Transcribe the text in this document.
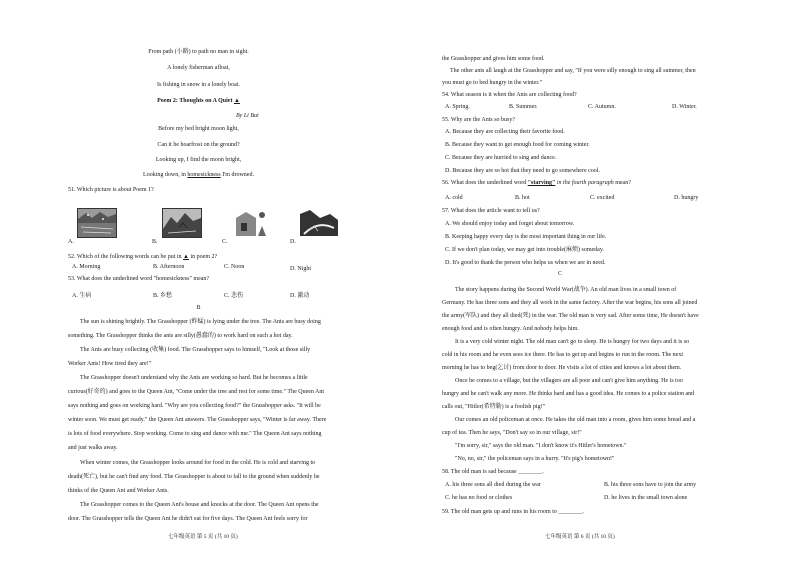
From path (小路) to path no man in sight.
A lonely fisherman afloat,
Is fishing in snow in a lonely boat.
Poem 2: Thoughts on A Quiet ▲
By Li Bai
Before my bed bright moon light,
Can it be hoarfrost on the ground?
Looking up, I find the moon bright,
Looking down, in homesickness I'm drowned.
51. Which picture is about Poem 1?
A.	B.	C.	D.
52. Which of the following words can be put in ▲ in poem 2?
A. Morning	B. Afternoon	C. Noon	D. Night
53. What does the underlined word "homesickness" mean?
A. 生病	B. 乡愁	C. 悲伤	D. 激动
B
The sun is shining brightly. The Grasshopper (蚱蜢) is lying under the tree. The Ants are busy doing
something. The Grasshopper thinks the ants are silly(愚蠢的) to work hard on such a hot day.
The Ants are busy collecting (收集) food. The Grasshopper says to himself, "Look at those silly
Worker Ants! How tired they are!"
The Grasshopper doesn't understand why the Ants are working so hard. But he becomes a little
curious(好奇的) and goes to the Queen Ant, "Come under the tree and rest for some time." The Queen Ant
says nothing and goes on working hard. "Why are you collecting food?" the Grasshopper asks. "It will be
winter soon. We must get ready." the Queen Ant answers. The Grasshopper says, "Winter is far away. There
is lots of food everywhere. Stop working. Come to sing and dance with me." The Queen Ant says nothing
and just walks away.
When winter comes, the Grasshopper looks around for food in the cold. He is cold and starving to
death(死亡), but he can't find any food. The Grasshopper is about to fall to the ground when suddenly he
thinks of the Queen Ant and Worker Ants.
The Grasshopper comes to the Queen Ant's house and knocks at the door. The Queen Ant opens the
door. The Grasshopper tells the Queen Ant he didn't eat for five days. The Queen Ant feels sorry for
七年级英语 第 5 页 (共 10 页)
the Grasshopper and gives him some food.
The other ants all laugh at the Grasshopper and say, "If you were silly enough to sing all summer, then
you must go to bed hungry in the winter."
54. What season is it when the Ants are collecting food?
A. Spring.	B. Summer.	C. Autumn.	D. Winter.
55. Why are the Ants so busy?
A. Because they are collecting their favorite food.
B. Because they want to get enough food for coming winter.
C. Because they are hurried to sing and dance.
D. Because they are so hot that they need to go somewhere cool.
56. What does the underlined word "starving" in the fourth paragraph mean?
A. cold	B. hot	C. excited	D. hungry
57. What does the article want to tell us?
A. We should enjoy today and forget about tomorrow.
B. Keeping happy every day is the most important thing in our life.
C. If we don't plan today, we may get into trouble(麻烦) someday.
D. It's good to thank the person who helps us when we are in need.
C
The story happens during the Second World War(战争). An old man lives in a small town of
Germany. He has three sons and they all work in the same factory. After the war begins, his sons all joined
the army(军队) and they all died(死) in the war. The old man is very sad. After some time, He doesn't have
enough food and is often hungry. And nobody helps him.
It is a very cold winter night. The old man can't go to sleep. He is hungry for two days and it is so
cold in his room and he even sees ice there. He has to get up and begins to run in the room. The next
morning he has to beg(乞讨) from door to door. He visits a lot of cities and knows a lot about them.
Once he comes to a village, but the villagers are all poor and can't give him anything. He is too
hungry and he can't walk any more. He thinks hard and has a good idea. He comes to a police station and
calls out, "Hitler(希特勒) is a foolish pig!"
Our comes an old policeman at once. He takes the old man into a room, gives him some bread and a
cup of tea. Then he says, "Don't say so in our village, sir!"
"I'm sorry, sir," says the old man. "I don't know it's Hitler's hometown."
"No, no, sir," the policeman says in a hurry. "It's pig's hometown!"
58. The old man is sad because ________.
A. his three sons all died during the war	B. his three sons have to join the army
C. he has no food or clothes	D. he lives in the small town alone
59. The old man gets up and runs in his room to ________.
七年级英语 第 6 页 (共 10 页)
